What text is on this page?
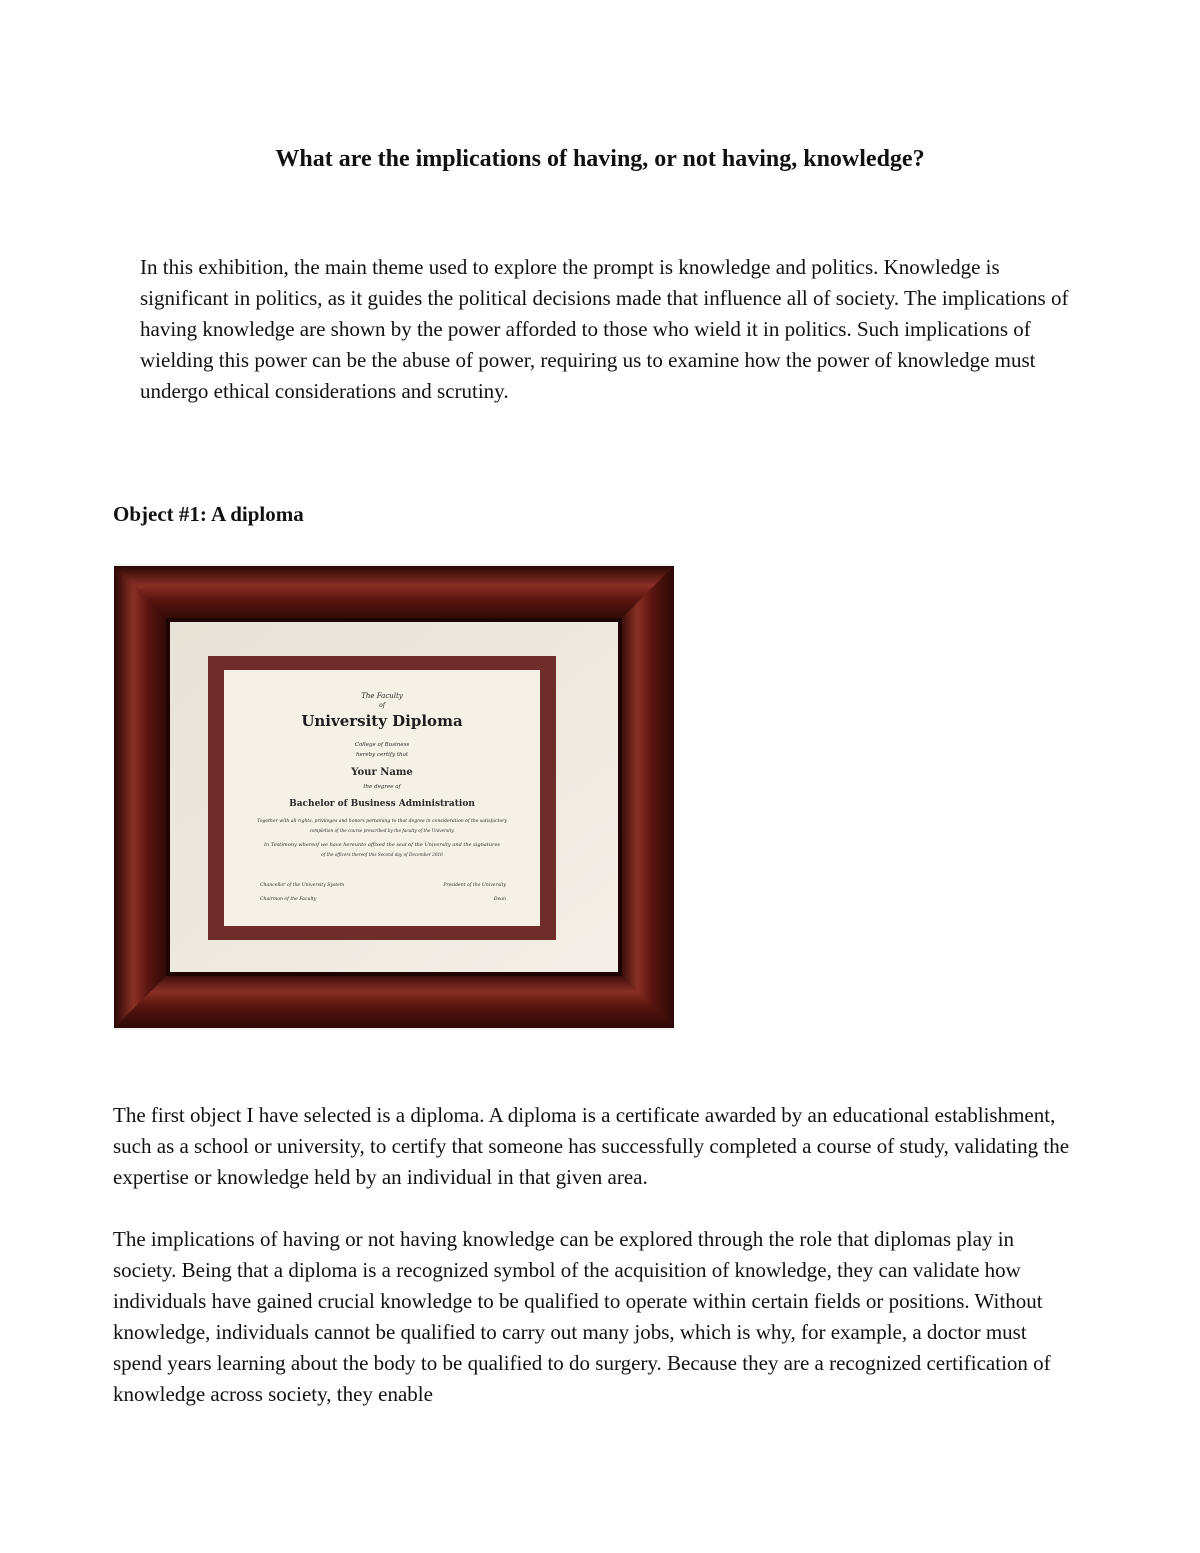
What are the implications of having, or not having, knowledge?

In this exhibition, the main theme used to explore the prompt is knowledge and politics. Knowledge is significant in politics, as it guides the political decisions made that influence all of society. The implications of having knowledge are shown by the power afforded to those who wield it in politics. Such implications of wielding this power can be the abuse of power, requiring us to examine how the power of knowledge must undergo ethical considerations and scrutiny.

Object #1: A diploma
The Faculty
of
University Diploma
College of Business
hereby certify that
Your Name
the degree of
Bachelor of Business Administration
Together with all rights, privileges and honors pertaining to that degree in consideration of the satisfactory
completion of the course prescribed by the faculty of the University.
In Testimony whereof we have hereunto affixed the seal of the University and the signatures
of the officers thereof this Second day of December 2016
Chancellor of the University System
Chairman of the Faculty
President of the University
Dean

The first object I have selected is a diploma. A diploma is a certificate awarded by an educational establishment, such as a school or university, to certify that someone has successfully completed a course of study, validating the expertise or knowledge held by an individual in that given area.

The implications of having or not having knowledge can be explored through the role that diplomas play in society. Being that a diploma is a recognized symbol of the acquisition of knowledge, they can validate how individuals have gained crucial knowledge to be qualified to operate within certain fields or positions. Without knowledge, individuals cannot be qualified to carry out many jobs, which is why, for example, a doctor must spend years learning about the body to be qualified to do surgery. Because they are a recognized certification of knowledge across society, they enable
